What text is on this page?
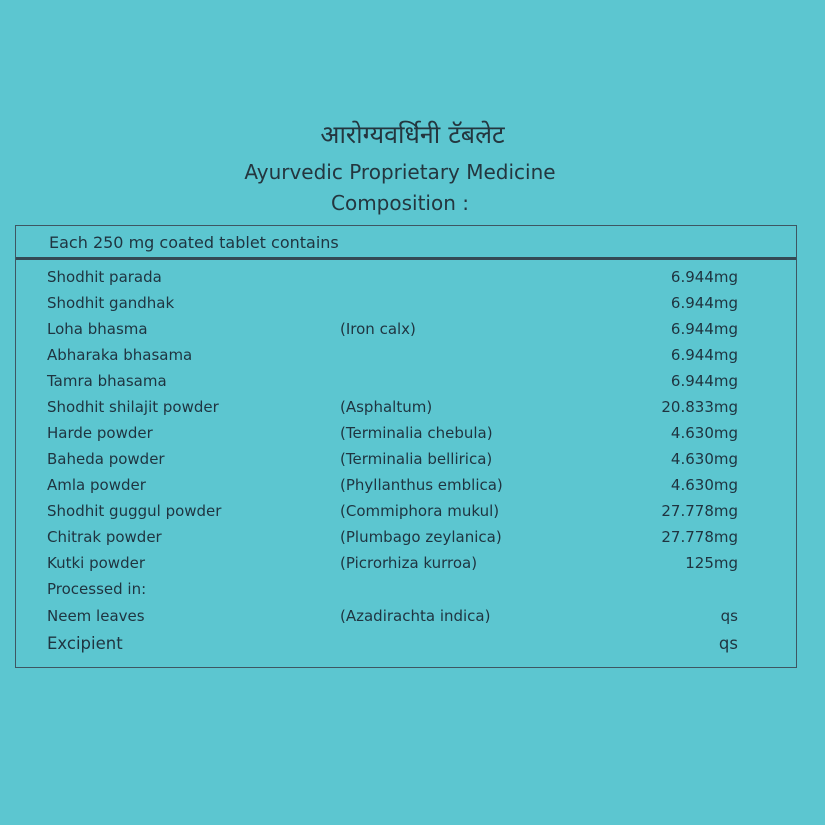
आरोग्यवर्धिनी टॅबलेट
Ayurvedic Proprietary Medicine
Composition :
Each 250 mg coated tablet contains
Shodhit parada	6.944mg
Shodhit gandhak	6.944mg
Loha bhasma	(Iron calx)	6.944mg
Abharaka bhasama	6.944mg
Tamra bhasama	6.944mg
Shodhit shilajit powder	(Asphaltum)	20.833mg
Harde powder	(Terminalia chebula)	4.630mg
Baheda powder	(Terminalia bellirica)	4.630mg
Amla powder	(Phyllanthus emblica)	4.630mg
Shodhit guggul powder	(Commiphora mukul)	27.778mg
Chitrak powder	(Plumbago zeylanica)	27.778mg
Kutki powder	(Picrorhiza kurroa)	125mg
Processed in:
Neem leaves	(Azadirachta indica)	qs
Excipient	qs
